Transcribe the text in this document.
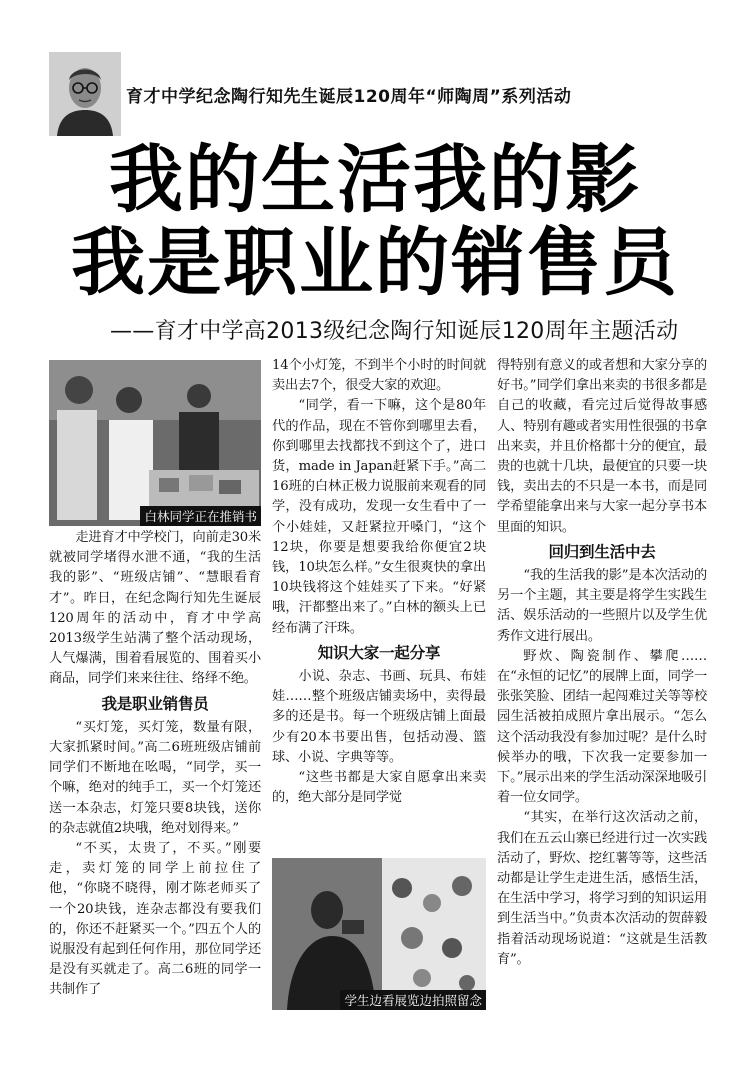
育才中学纪念陶行知先生诞辰120周年“师陶周”系列活动
我的生活我的影
我是职业的销售员
——育才中学高2013级纪念陶行知诞辰120周年主题活动
白林同学正在推销书
学生边看展览边拍照留念

走进育才中学校门，向前走30米就被同学堵得水泄不通，“我的生活我的影”、“班级店铺”、“慧眼看育才”。昨日，在纪念陶行知先生诞辰120周年的活动中，育才中学高2013级学生站满了整个活动现场，人气爆满，围着看展览的、围着买小商品，同学们来来往往、络绎不绝。

我是职业销售员

“买灯笼，买灯笼，数量有限，大家抓紧时间。”高二6班班级店铺前同学们不断地在吆喝，“同学，买一个嘛，绝对的纯手工，买一个灯笼还送一本杂志，灯笼只要8块钱，送你的杂志就值2块哦，绝对划得来。”

“不买，太贵了，不买。”刚要走，卖灯笼的同学上前拉住了他，“你晓不晓得，刚才陈老师买了一个20块钱，连杂志都没有要我们的，你还不赶紧买一个。”四五个人的说服没有起到任何作用，那位同学还是没有买就走了。高二6班的同学一共制作了

14个小灯笼，不到半个小时的时间就卖出去7个，很受大家的欢迎。

“同学，看一下嘛，这个是80年代的作品，现在不管你到哪里去看，你到哪里去找都找不到这个了，进口货，made in Japan赶紧下手。”高二16班的白林正极力说服前来观看的同学，没有成功，发现一女生看中了一个小娃娃，又赶紧拉开嗓门，“这个12块，你要是想要我给你便宜2块钱，10块怎么样。”女生很爽快的拿出10块钱将这个娃娃买了下来。“好紧哦，汗都整出来了。”白林的额头上已经布满了汗珠。

知识大家一起分享

小说、杂志、书画、玩具、布娃娃……整个班级店铺卖场中，卖得最多的还是书。每一个班级店铺上面最少有20本书要出售，包括动漫、篮球、小说、字典等等。

“这些书都是大家自愿拿出来卖的，绝大部分是同学觉

得特别有意义的或者想和大家分享的好书。”同学们拿出来卖的书很多都是自己的收藏，看完过后觉得故事感人、特别有趣或者实用性很强的书拿出来卖，并且价格都十分的便宜，最贵的也就十几块，最便宜的只要一块钱，卖出去的不只是一本书，而是同学希望能拿出来与大家一起分享书本里面的知识。

回归到生活中去

“我的生活我的影”是本次活动的另一个主题，其主要是将学生实践生活、娱乐活动的一些照片以及学生优秀作文进行展出。

野炊、陶瓷制作、攀爬……在“永恒的记忆”的展牌上面，同学一张张笑脸、团结一起闯难过关等等校园生活被拍成照片拿出展示。“怎么这个活动我没有参加过呢？是什么时候举办的哦，下次我一定要参加一下。”展示出来的学生活动深深地吸引着一位女同学。

“其实，在举行这次活动之前，我们在五云山寨已经进行过一次实践活动了，野炊、挖红薯等等，这些活动都是让学生走进生活，感悟生活，在生活中学习，将学习到的知识运用到生活当中。”负责本次活动的贺薛毅指着活动现场说道：“这就是生活教育”。
